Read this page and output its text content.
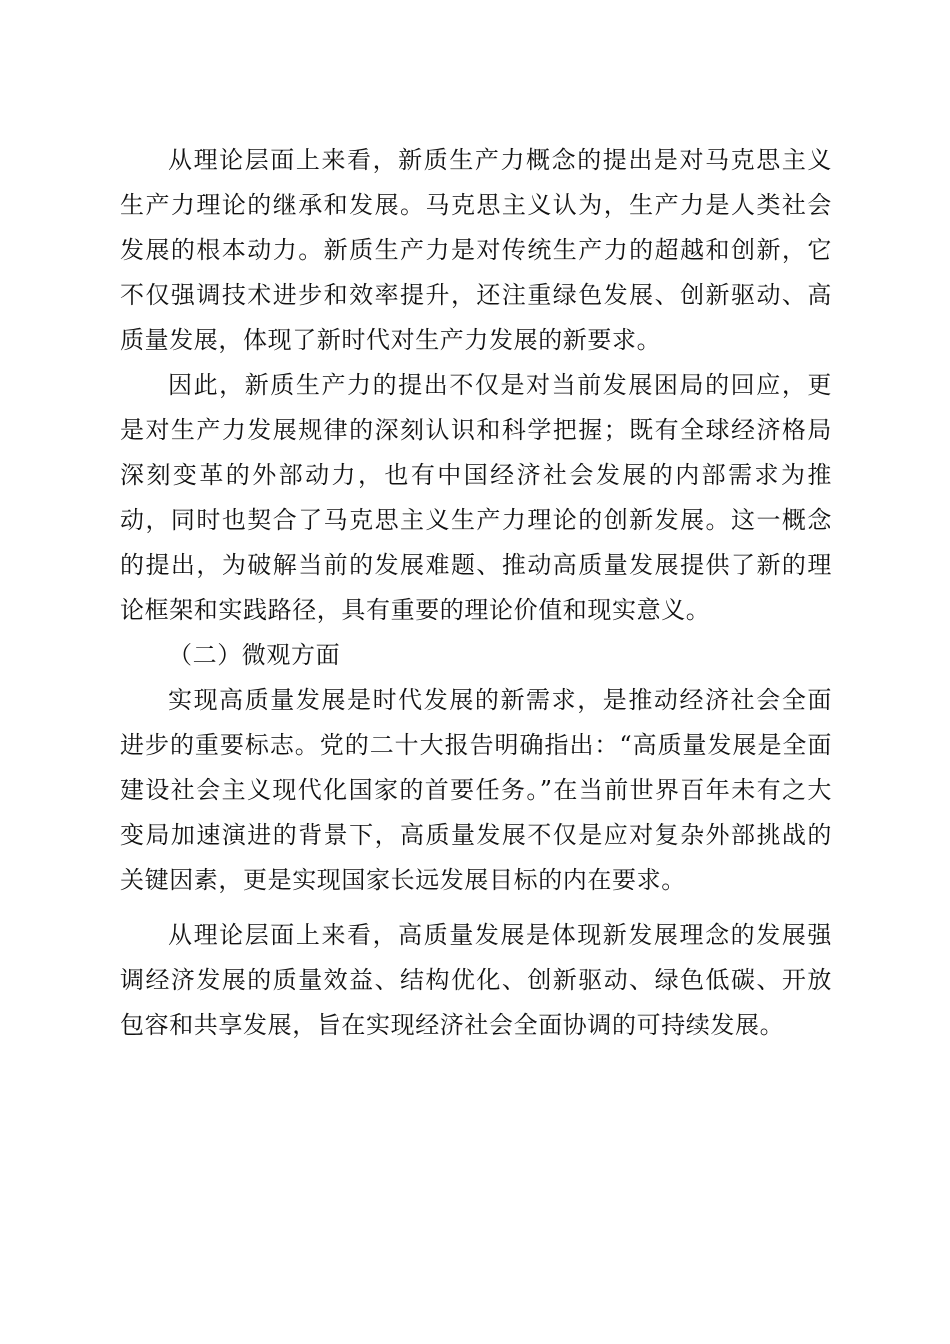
从理论层面上来看，新质生产力概念的提出是对马克思主义生产力理论的继承和发展。马克思主义认为，生产力是人类社会发展的根本动力。新质生产力是对传统生产力的超越和创新，它不仅强调技术进步和效率提升，还注重绿色发展、创新驱动、高质量发展，体现了新时代对生产力发展的新要求。

因此，新质生产力的提出不仅是对当前发展困局的回应，更是对生产力发展规律的深刻认识和科学把握；既有全球经济格局深刻变革的外部动力，也有中国经济社会发展的内部需求为推动，同时也契合了马克思主义生产力理论的创新发展。这一概念的提出，为破解当前的发展难题、推动高质量发展提供了新的理论框架和实践路径，具有重要的理论价值和现实意义。

（二）微观方面

实现高质量发展是时代发展的新需求，是推动经济社会全面进步的重要标志。党的二十大报告明确指出：“高质量发展是全面建设社会主义现代化国家的首要任务。”在当前世界百年未有之大变局加速演进的背景下，高质量发展不仅是应对复杂外部挑战的关键因素，更是实现国家长远发展目标的内在要求。

从理论层面上来看，高质量发展是体现新发展理念的发展强调经济发展的质量效益、结构优化、创新驱动、绿色低碳、开放包容和共享发展，旨在实现经济社会全面协调的可持续发展。
